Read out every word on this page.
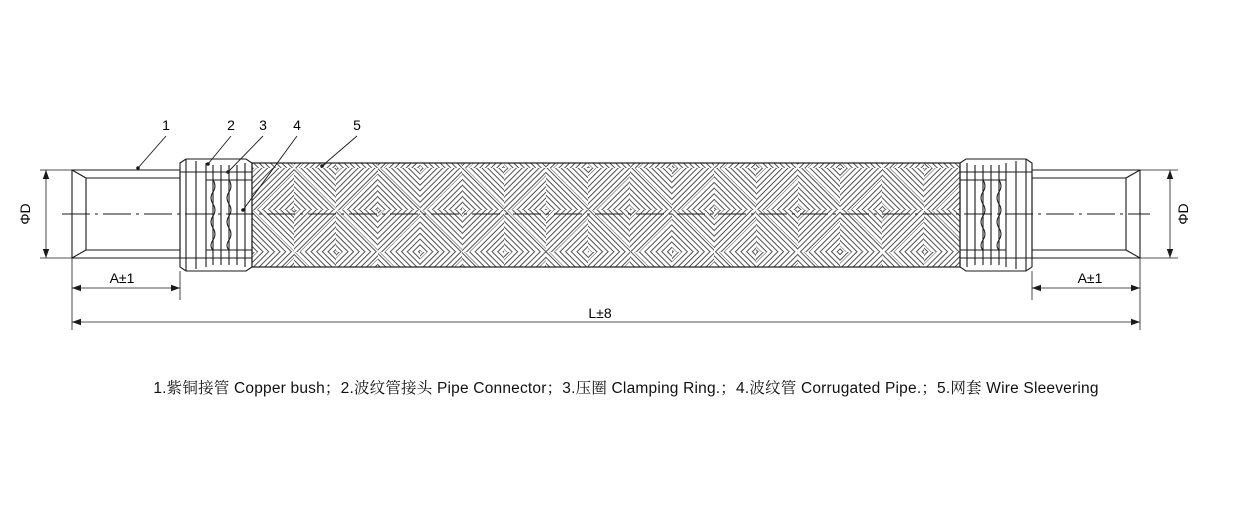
1	2 3 4	5
ΦD	ΦD
A±1	A±1
L±8
1.紫铜接管 Copper bush；2.波纹管接头 Pipe Connector；3.压圈 Clamping Ring.；4.波纹管 Corrugated Pipe.；5.网套 Wire Sleevering
